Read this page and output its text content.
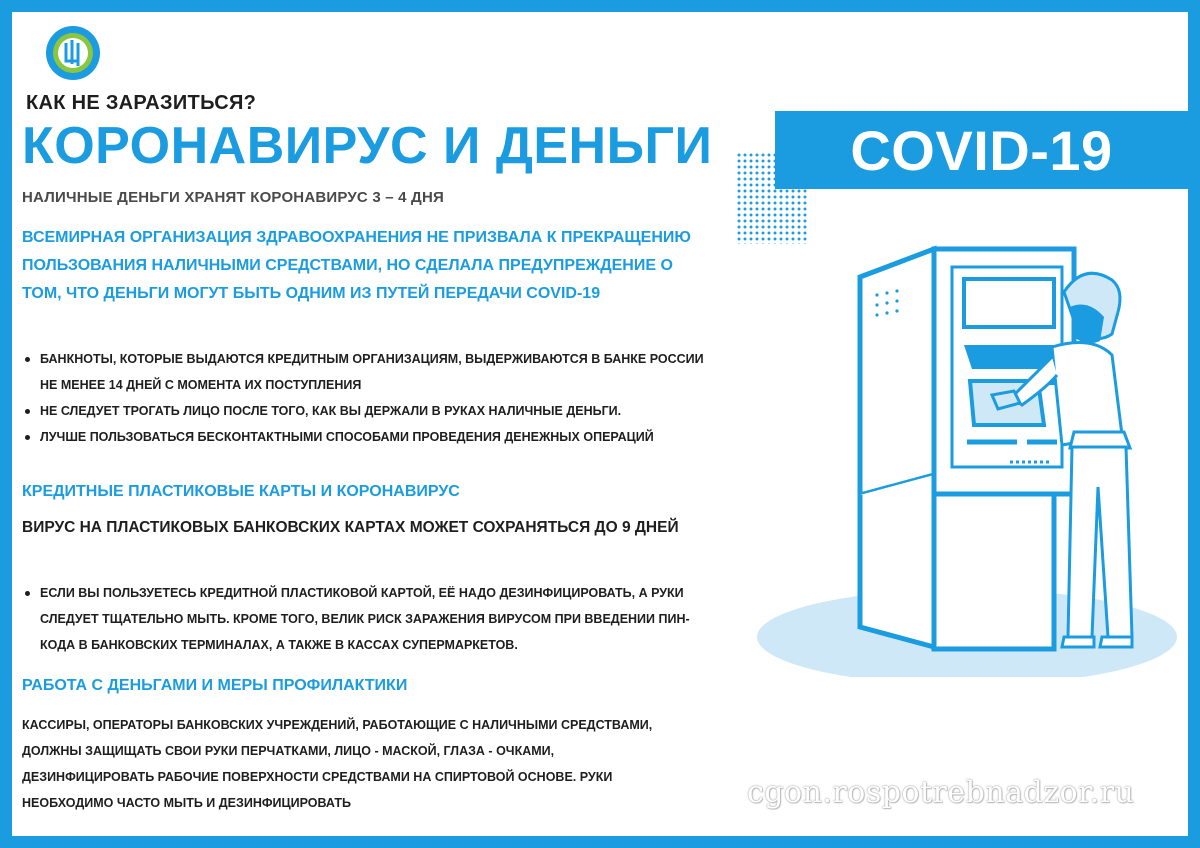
КАК НЕ ЗАРАЗИТЬСЯ?
КОРОНАВИРУС И ДЕНЬГИ	COVID-19
НАЛИЧНЫЕ ДЕНЬГИ ХРАНЯТ КОРОНАВИРУС 3 – 4 ДНЯ
ВСЕМИРНАЯ ОРГАНИЗАЦИЯ ЗДРАВООХРАНЕНИЯ НЕ ПРИЗВАЛА К ПРЕКРАЩЕНИЮ ПОЛЬЗОВАНИЯ НАЛИЧНЫМИ СРЕДСТВАМИ, НО СДЕЛАЛА ПРЕДУПРЕЖДЕНИЕ О ТОМ, ЧТО ДЕНЬГИ МОГУТ БЫТЬ ОДНИМ ИЗ ПУТЕЙ ПЕРЕДАЧИ COVID-19
БАНКНОТЫ, КОТОРЫЕ ВЫДАЮТСЯ КРЕДИТНЫМ ОРГАНИЗАЦИЯМ, ВЫДЕРЖИВАЮТСЯ В БАНКЕ РОССИИ НЕ МЕНЕЕ 14 ДНЕЙ С МОМЕНТА ИХ ПОСТУПЛЕНИЯ
НЕ СЛЕДУЕТ ТРОГАТЬ ЛИЦО ПОСЛЕ ТОГО, КАК ВЫ ДЕРЖАЛИ В РУКАХ НАЛИЧНЫЕ ДЕНЬГИ.
ЛУЧШЕ ПОЛЬЗОВАТЬСЯ БЕСКОНТАКТНЫМИ СПОСОБАМИ ПРОВЕДЕНИЯ ДЕНЕЖНЫХ ОПЕРАЦИЙ
КРЕДИТНЫЕ ПЛАСТИКОВЫЕ КАРТЫ И КОРОНАВИРУС
ВИРУС НА ПЛАСТИКОВЫХ БАНКОВСКИХ КАРТАХ МОЖЕТ СОХРАНЯТЬСЯ ДО 9 ДНЕЙ
ЕСЛИ ВЫ ПОЛЬЗУЕТЕСЬ КРЕДИТНОЙ ПЛАСТИКОВОЙ КАРТОЙ, ЕЁ НАДО ДЕЗИНФИЦИРОВАТЬ, А РУКИ СЛЕДУЕТ ТЩАТЕЛЬНО МЫТЬ. КРОМЕ ТОГО, ВЕЛИК РИСК ЗАРАЖЕНИЯ ВИРУСОМ ПРИ ВВЕДЕНИИ ПИН-КОДА В БАНКОВСКИХ ТЕРМИНАЛАХ, А ТАКЖЕ В КАССАХ СУПЕРМАРКЕТОВ.
РАБОТА С ДЕНЬГАМИ И МЕРЫ ПРОФИЛАКТИКИ
КАССИРЫ, ОПЕРАТОРЫ БАНКОВСКИХ УЧРЕЖДЕНИЙ, РАБОТАЮЩИЕ С НАЛИЧНЫМИ СРЕДСТВАМИ, ДОЛЖНЫ ЗАЩИЩАТЬ СВОИ РУКИ ПЕРЧАТКАМИ, ЛИЦО - МАСКОЙ, ГЛАЗА - ОЧКАМИ, ДЕЗИНФИЦИРОВАТЬ РАБОЧИЕ ПОВЕРХНОСТИ СРЕДСТВАМИ НА СПИРТОВОЙ ОСНОВЕ. РУКИ НЕОБХОДИМО ЧАСТО МЫТЬ И ДЕЗИНФИЦИРОВАТЬ	cgon.rospotrebnadzor.ru
